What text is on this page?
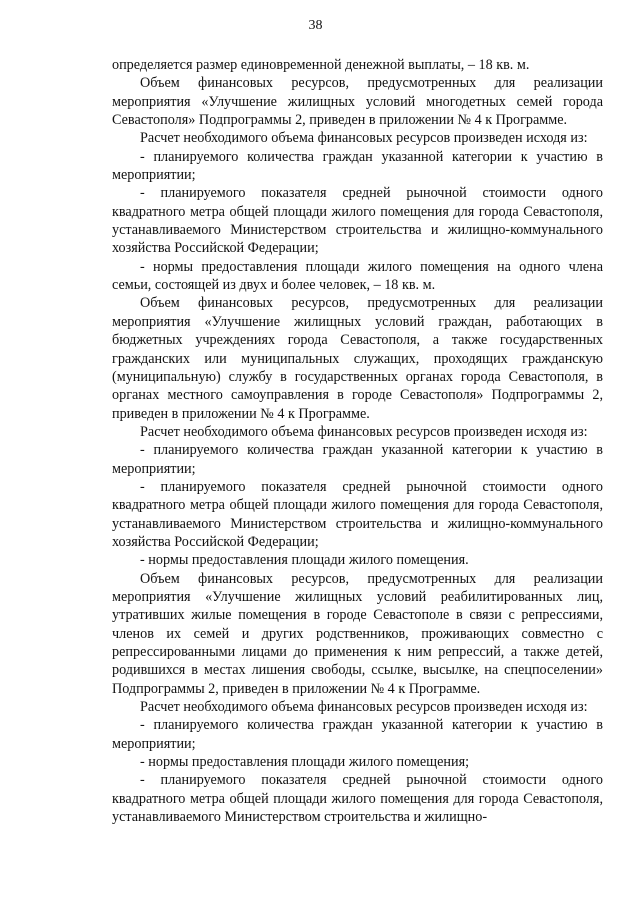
38

определяется размер единовременной денежной выплаты, – 18 кв. м.

Объем финансовых ресурсов, предусмотренных для реализации мероприятия «Улучшение жилищных условий многодетных семей города Севастополя» Подпрограммы 2, приведен в приложении № 4 к Программе.

Расчет необходимого объема финансовых ресурсов произведен исходя из:

- планируемого количества граждан указанной категории к участию в мероприятии;

- планируемого показателя средней рыночной стоимости одного квадратного метра общей площади жилого помещения для города Севастополя, устанавливаемого Министерством строительства и жилищно-коммунального хозяйства Российской Федерации;

- нормы предоставления площади жилого помещения на одного члена семьи, состоящей из двух и более человек, – 18 кв. м.

Объем финансовых ресурсов, предусмотренных для реализации мероприятия «Улучшение жилищных условий граждан, работающих в бюджетных учреждениях города Севастополя, а также государственных гражданских или муниципальных служащих, проходящих гражданскую (муниципальную) службу в государственных органах города Севастополя, в органах местного самоуправления в городе Севастополя» Подпрограммы 2, приведен в приложении № 4 к Программе.

Расчет необходимого объема финансовых ресурсов произведен исходя из:

- планируемого количества граждан указанной категории к участию в мероприятии;

- планируемого показателя средней рыночной стоимости одного квадратного метра общей площади жилого помещения для города Севастополя, устанавливаемого Министерством строительства и жилищно-коммунального хозяйства Российской Федерации;

- нормы предоставления площади жилого помещения.

Объем финансовых ресурсов, предусмотренных для реализации мероприятия «Улучшение жилищных условий реабилитированных лиц, утративших жилые помещения в городе Севастополе в связи с репрессиями, членов их семей и других родственников, проживающих совместно с репрессированными лицами до применения к ним репрессий, а также детей, родившихся в местах лишения свободы, ссылке, высылке, на спецпоселении» Подпрограммы 2, приведен в приложении № 4 к Программе.

Расчет необходимого объема финансовых ресурсов произведен исходя из:

- планируемого количества граждан указанной категории к участию в мероприятии;

- нормы предоставления площади жилого помещения;

- планируемого показателя средней рыночной стоимости одного квадратного метра общей площади жилого помещения для города Севастополя, устанавливаемого Министерством строительства и жилищно-
